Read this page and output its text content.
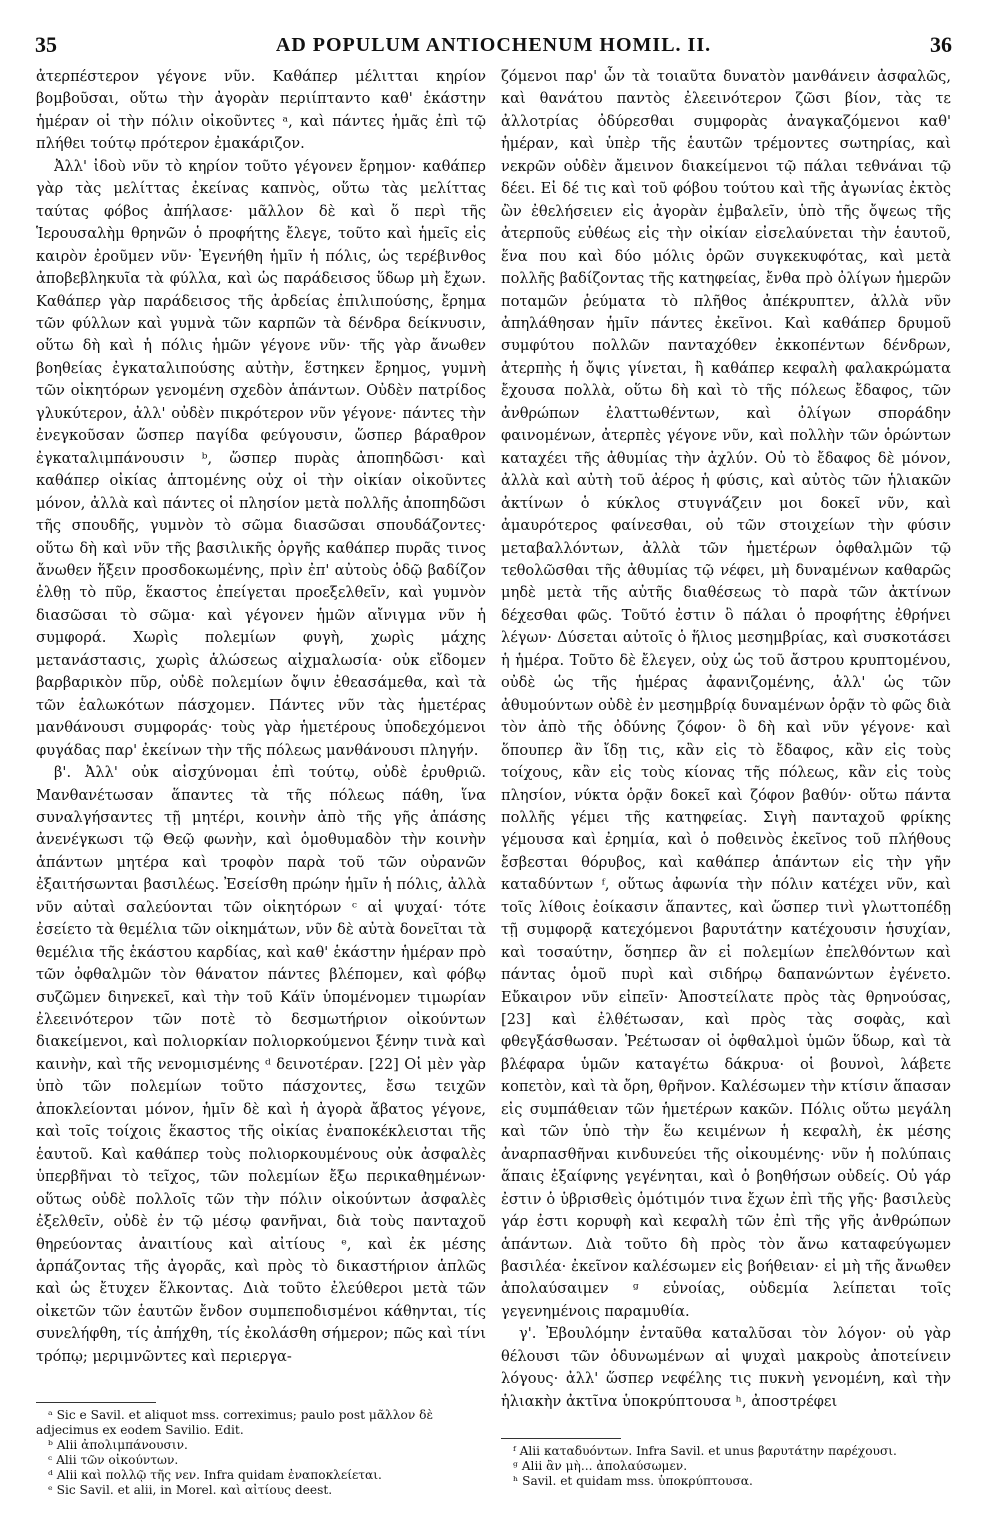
35	AD POPULUM ANTIOCHENUM HOMIL. II.	36

ἀτερπέστερον γέγονε νῦν. Καθάπερ μέλιτται κηρίον βομβοῦσαι, οὕτω τὴν ἀγορὰν περιίπταντο καθ' ἑκάστην ἡμέραν οἱ τὴν πόλιν οἰκοῦντες ᵃ, καὶ πάντες ἡμᾶς ἐπὶ τῷ πλήθει τούτῳ πρότερον ἐμακάριζον.

Ἀλλ' ἰδοὺ νῦν τὸ κηρίον τοῦτο γέγονεν ἔρημον· καθάπερ γὰρ τὰς μελίττας ἐκείνας καπνὸς, οὕτω τὰς μελίττας ταύτας φόβος ἀπήλασε· μᾶλλον δὲ καὶ ὅ περὶ τῆς Ἱερουσαλὴμ θρηνῶν ὁ προφήτης ἔλεγε, τοῦτο καὶ ἡμεῖς εἰς καιρὸν ἐροῦμεν νῦν· Ἐγενήθη ἡμῖν ἡ πόλις, ὡς τερέβινθος ἀποβεβληκυῖα τὰ φύλλα, καὶ ὡς παράδεισος ὕδωρ μὴ ἔχων. Καθάπερ γὰρ παράδεισος τῆς ἀρδείας ἐπιλιπούσης, ἔρημα τῶν φύλλων καὶ γυμνὰ τῶν καρπῶν τὰ δένδρα δείκνυσιν, οὕτω δὴ καὶ ἡ πόλις ἡμῶν γέγονε νῦν· τῆς γὰρ ἄνωθεν βοηθείας ἐγκαταλιπούσης αὐτὴν, ἕστηκεν ἔρημος, γυμνὴ τῶν οἰκητόρων γενομένη σχεδὸν ἁπάντων. Οὐδὲν πατρίδος γλυκύτερον, ἀλλ' οὐδὲν πικρότερον νῦν γέγονε· πάντες τὴν ἐνεγκοῦσαν ὥσπερ παγίδα φεύγουσιν, ὥσπερ βάραθρον ἐγκαταλιμπάνουσιν ᵇ, ὥσπερ πυρὰς ἀποπηδῶσι· καὶ καθάπερ οἰκίας ἁπτομένης οὐχ οἱ τὴν οἰκίαν οἰκοῦντες μόνον, ἀλλὰ καὶ πάντες οἱ πλησίον μετὰ πολλῆς ἀποπηδῶσι τῆς σπουδῆς, γυμνὸν τὸ σῶμα διασῶσαι σπουδάζοντες· οὕτω δὴ καὶ νῦν τῆς βασιλικῆς ὀργῆς καθάπερ πυρᾶς τινος ἄνωθεν ἥξειν προσδοκωμένης, πρὶν ἐπ' αὐτοὺς ὁδῷ βαδίζον ἐλθῃ τὸ πῦρ, ἕκαστος ἐπείγεται προεξελθεῖν, καὶ γυμνὸν διασῶσαι τὸ σῶμα· καὶ γέγονεν ἡμῶν αἴνιγμα νῦν ἡ συμφορά. Χωρὶς πολεμίων φυγὴ, χωρὶς μάχης μετανάστασις, χωρὶς ἁλώσεως αἰχμαλωσία· οὐκ εἴδομεν βαρβαρικὸν πῦρ, οὐδὲ πολεμίων ὄψιν ἐθεασάμεθα, καὶ τὰ τῶν ἑαλωκότων πάσχομεν. Πάντες νῦν τὰς ἡμετέρας μανθάνουσι συμφοράς· τοὺς γὰρ ἡμετέρους ὑποδεχόμενοι φυγάδας παρ' ἐκείνων τὴν τῆς πόλεως μανθάνουσι πληγήν.

β'. Ἀλλ' οὐκ αἰσχύνομαι ἐπὶ τούτῳ, οὐδὲ ἐρυθριῶ. Μανθανέτωσαν ἅπαντες τὰ τῆς πόλεως πάθη, ἵνα συναλγήσαντες τῇ μητέρι, κοινὴν ἀπὸ τῆς γῆς ἁπάσης ἀνενέγκωσι τῷ Θεῷ φωνὴν, καὶ ὁμοθυμαδὸν τὴν κοινὴν ἁπάντων μητέρα καὶ τροφὸν παρὰ τοῦ τῶν οὐρανῶν ἐξαιτήσωνται βασιλέως. Ἐσείσθη πρώην ἡμῖν ἡ πόλις, ἀλλὰ νῦν αὐταὶ σαλεύονται τῶν οἰκητόρων ᶜ αἱ ψυχαί· τότε ἐσείετο τὰ θεμέλια τῶν οἰκημάτων, νῦν δὲ αὐτὰ δονεῖται τὰ θεμέλια τῆς ἑκάστου καρδίας, καὶ καθ' ἑκάστην ἡμέραν πρὸ τῶν ὀφθαλμῶν τὸν θάνατον πάντες βλέπομεν, καὶ φόβῳ συζῶμεν διηνεκεῖ, καὶ τὴν τοῦ Κάϊν ὑπομένομεν τιμωρίαν ἐλεεινότερον τῶν ποτὲ τὸ δεσμωτήριον οἰκούντων διακείμενοι, καὶ πολιορκίαν πολιορκούμενοι ξένην τινὰ καὶ καινὴν, καὶ τῆς νενομισμένης ᵈ δεινοτέραν. [22] Οἱ μὲν γὰρ ὑπὸ τῶν πολεμίων τοῦτο πάσχοντες, ἔσω τειχῶν ἀποκλείονται μόνον, ἡμῖν δὲ καὶ ἡ ἀγορὰ ἄβατος γέγονε, καὶ τοῖς τοίχοις ἕκαστος τῆς οἰκίας ἐναποκέκλεισται τῆς ἑαυτοῦ. Καὶ καθάπερ τοὺς πολιορκουμένους οὐκ ἀσφαλὲς ὑπερβῆναι τὸ τεῖχος, τῶν πολεμίων ἔξω περικαθημένων· οὕτως οὐδὲ πολλοῖς τῶν τὴν πόλιν οἰκούντων ἀσφαλὲς ἐξελθεῖν, οὐδὲ ἐν τῷ μέσῳ φανῆναι, διὰ τοὺς πανταχοῦ θηρεύοντας ἀναιτίους καὶ αἰτίους ᵉ, καὶ ἐκ μέσης ἁρπάζοντας τῆς ἀγορᾶς, καὶ πρὸς τὸ δικαστήριον ἁπλῶς καὶ ὡς ἔτυχεν ἕλκοντας. Διὰ τοῦτο ἐλεύθεροι μετὰ τῶν οἰκετῶν τῶν ἑαυτῶν ἔνδον συμπεποδισμένοι κάθηνται, τίς συνελήφθη, τίς ἀπήχθη, τίς ἐκολάσθη σήμερον; πῶς καὶ τίνι τρόπῳ; μεριμνῶντες καὶ περιεργα-

ζόμενοι παρ' ὧν τὰ τοιαῦτα δυνατὸν μανθάνειν ἀσφαλῶς, καὶ θανάτου παντὸς ἐλεεινότερον ζῶσι βίον, τὰς τε ἀλλοτρίας ὀδύρεσθαι συμφορὰς ἀναγκαζόμενοι καθ' ἡμέραν, καὶ ὑπὲρ τῆς ἑαυτῶν τρέμοντες σωτηρίας, καὶ νεκρῶν οὐδὲν ἄμεινον διακείμενοι τῷ πάλαι τεθνάναι τῷ δέει. Εἰ δέ τις καὶ τοῦ φόβου τούτου καὶ τῆς ἀγωνίας ἐκτὸς ὢν ἐθελήσειεν εἰς ἀγορὰν ἐμβαλεῖν, ὑπὸ τῆς ὄψεως τῆς ἀτερποῦς εὐθέως εἰς τὴν οἰκίαν εἰσελαύνεται τὴν ἑαυτοῦ, ἕνα που καὶ δύο μόλις ὁρῶν συγκεκυφότας, καὶ μετὰ πολλῆς βαδίζοντας τῆς κατηφείας, ἔνθα πρὸ ὀλίγων ἡμερῶν ποταμῶν ῥεύματα τὸ πλῆθος ἀπέκρυπτεν, ἀλλὰ νῦν ἀπηλάθησαν ἡμῖν πάντες ἐκεῖνοι. Καὶ καθάπερ δρυμοῦ συμφύτου πολλῶν πανταχόθεν ἐκκοπέντων δένδρων, ἀτερπὴς ἡ ὄψις γίνεται, ἢ καθάπερ κεφαλὴ φαλακρώματα ἔχουσα πολλὰ, οὕτω δὴ καὶ τὸ τῆς πόλεως ἔδαφος, τῶν ἀνθρώπων ἐλαττωθέντων, καὶ ὀλίγων σποράδην φαινομένων, ἀτερπὲς γέγονε νῦν, καὶ πολλὴν τῶν ὁρώντων καταχέει τῆς ἀθυμίας τὴν ἀχλύν. Οὐ τὸ ἔδαφος δὲ μόνον, ἀλλὰ καὶ αὐτὴ τοῦ ἀέρος ἡ φύσις, καὶ αὐτὸς τῶν ἡλιακῶν ἀκτίνων ὁ κύκλος στυγνάζειν μοι δοκεῖ νῦν, καὶ ἀμαυρότερος φαίνεσθαι, οὐ τῶν στοιχείων τὴν φύσιν μεταβαλλόντων, ἀλλὰ τῶν ἡμετέρων ὀφθαλμῶν τῷ τεθολῶσθαι τῆς ἀθυμίας τῷ νέφει, μὴ δυναμένων καθαρῶς μηδὲ μετὰ τῆς αὐτῆς διαθέσεως τὸ παρὰ τῶν ἀκτίνων δέχεσθαι φῶς. Τοῦτό ἐστιν ὃ πάλαι ὁ προφήτης ἐθρήνει λέγων· Δύσεται αὐτοῖς ὁ ἥλιος μεσημβρίας, καὶ συσκοτάσει ἡ ἡμέρα. Τοῦτο δὲ ἔλεγεν, οὐχ ὡς τοῦ ἄστρου κρυπτομένου, οὐδὲ ὡς τῆς ἡμέρας ἀφανιζομένης, ἀλλ' ὡς τῶν ἀθυμούντων οὐδὲ ἐν μεσημβρίᾳ δυναμένων ὁρᾷν τὸ φῶς διὰ τὸν ἀπὸ τῆς ὀδύνης ζόφον· ὃ δὴ καὶ νῦν γέγονε· καὶ ὅπουπερ ἂν ἴδῃ τις, κἂν εἰς τὸ ἔδαφος, κἂν εἰς τοὺς τοίχους, κἂν εἰς τοὺς κίονας τῆς πόλεως, κἂν εἰς τοὺς πλησίον, νύκτα ὁρᾷν δοκεῖ καὶ ζόφον βαθύν· οὕτω πάντα πολλῆς γέμει τῆς κατηφείας. Σιγὴ πανταχοῦ φρίκης γέμουσα καὶ ἐρημία, καὶ ὁ ποθεινὸς ἐκεῖνος τοῦ πλήθους ἔσβεσται θόρυβος, καὶ καθάπερ ἁπάντων εἰς τὴν γῆν καταδύντων ᶠ, οὕτως ἀφωνία τὴν πόλιν κατέχει νῦν, καὶ τοῖς λίθοις ἐοίκασιν ἅπαντες, καὶ ὥσπερ τινὶ γλωττοπέδῃ τῇ συμφορᾷ κατεχόμενοι βαρυτάτην κατέχουσιν ἡσυχίαν, καὶ τοσαύτην, ὅσηπερ ἂν εἰ πολεμίων ἐπελθόντων καὶ πάντας ὁμοῦ πυρὶ καὶ σιδήρῳ δαπανώντων ἐγένετο. Εὔκαιρον νῦν εἰπεῖν· Ἀποστείλατε πρὸς τὰς θρηνούσας, [23] καὶ ἐλθέτωσαν, καὶ πρὸς τὰς σοφὰς, καὶ φθεγξάσθωσαν. Ῥεέτωσαν οἱ ὀφθαλμοὶ ὑμῶν ὕδωρ, καὶ τὰ βλέφαρα ὑμῶν καταγέτω δάκρυα· οἱ βουνοὶ, λάβετε κοπετὸν, καὶ τὰ ὄρη, θρῆνον. Καλέσωμεν τὴν κτίσιν ἅπασαν εἰς συμπάθειαν τῶν ἡμετέρων κακῶν. Πόλις οὕτω μεγάλη καὶ τῶν ὑπὸ τὴν ἕω κειμένων ἡ κεφαλὴ, ἐκ μέσης ἀναρπασθῆναι κινδυνεύει τῆς οἰκουμένης· νῦν ἡ πολύπαις ἅπαις ἐξαίφνης γεγένηται, καὶ ὁ βοηθήσων οὐδείς. Οὐ γάρ ἐστιν ὁ ὑβρισθεὶς ὁμότιμόν τινα ἔχων ἐπὶ τῆς γῆς· βασιλεὺς γάρ ἐστι κορυφὴ καὶ κεφαλὴ τῶν ἐπὶ τῆς γῆς ἀνθρώπων ἁπάντων. Διὰ τοῦτο δὴ πρὸς τὸν ἄνω καταφεύγωμεν βασιλέα· ἐκεῖνον καλέσωμεν εἰς βοήθειαν· εἰ μὴ τῆς ἄνωθεν ἀπολαύσαιμεν ᵍ εὐνοίας, οὐδεμία λείπεται τοῖς γεγενημένοις παραμυθία.

γ'. Ἐβουλόμην ἐνταῦθα καταλῦσαι τὸν λόγον· οὐ γὰρ θέλουσι τῶν ὀδυνωμένων αἱ ψυχαὶ μακροὺς ἀποτείνειν λόγους· ἀλλ' ὥσπερ νεφέλης τις πυκνὴ γενομένη, καὶ τὴν ἡλιακὴν ἀκτῖνα ὑποκρύπτουσα ʰ, ἀποστρέφει

ᵃ Sic e Savil. et aliquot mss. correximus; paulo post μᾶλλον δὲ adjecimus ex eodem Savilio. Edit.
ᵇ Alii ἀπολιμπάνουσιν.
ᶜ Alii τῶν οἰκούντων.
ᵈ Alii καὶ πολλῷ τῆς νεν. Infra quidam ἐναποκλείεται.
ᵉ Sic Savil. et alii, in Morel. καὶ αἰτίους deest.
ᶠ Alii καταδυόντων. Infra Savil. et unus βαρυτάτην παρέχουσι.
ᵍ Alii ἂν μὴ... ἀπολαύσωμεν.
ʰ Savil. et quidam mss. ὑποκρύπτουσα.
